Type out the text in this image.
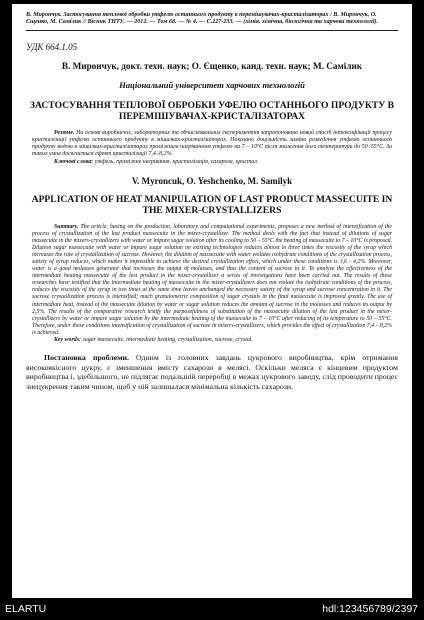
В. Мирончук. Застосування теплової обробки утфелю останнього продукту в перемішувачах-кристалізаторах / В. Мирончук, О. Єщенко, М. Самілик // Вісник ТНТУ. — 2012. — Том 68. — № 4. — С.227-233. — (хімія. хімічна, біологічна та харчова технології).
УДК 664.1.05
В. Мирончук, докт. техн. наук; О. Єщенко, канд. техн. наук; М. Самілик
Національний університет харчових технологій
ЗАСТОСУВАННЯ ТЕПЛОВОЇ ОБРОБКИ УФЕЛЮ ОСТАННЬОГО ПРОДУКТУ В ПЕРЕМІШУВАЧАХ-КРИСТАЛІЗАТОРАХ
Резюме. На основі виробничих, лабораторних та обчислювальних експериментів запропоновано новий спосіб інтенсифікації процесу кристалізації утфелю останнього продукту в мішалках-кристалізаторах. Показано доцільність заміни розведення утфелю останнього продукту водою в мішалках-кристалізаторах проміжним нагріванням утфелю на 7 – 10°С після зниження його температури до 50÷55°С. За таких умов досягається ефект кристалізації 7,4÷8,2%.
Ключові слова: утфель, проміжне нагрівання, кристалізація, сахароза, кристал.
V. Myroncuk, O. Yeshchenko, M. Samilyk
APPLICATION OF HEAT MANIPULATION OF LAST PRODUCT MASSECUITE IN THE MIXER-CRYSTALLIZERS
Summary. The article, basing on the production, laboratory and computational experiments, proposes a new method of intensification of the process of crystallization of the last product massecuite in the mixer-crystallizer. The method deals with the fact that instead of dilutions of sugar massecuite in the mixers-crystallizers with water or impure sugar solution after its cooling to 50 – 55°C the heating of massecuite to 7 – 10°C is proposed. Dilution sugar massecuite with water or impure sugar solution on existing technologies reduces almost in three times the viscosity of the syrup which increases the rate of crystallization of sucrose. However, the dilution of massecuite with water violates isohydrate conditions of the crystallization process, satiety of syrup reduces, which makes it impossible to achieve the desired crystallization effect, which under these conditions is 3,6 - 4,2%. Moreover, water is a good molasses generator that increases the output of molasses, and thus the content of sucrose in it. To analyze the effectiveness of the intermediate heating massecuite of the last product in the mixer-crystallizer a series of investigations have been carried out. The results of these researches have testified that the intermediate heating of massecuite in the mixer-crystallizers does not violate the isohydrate conditions of the process, reduces the viscosity of the syrup in two times at the same time leaves unchanged the necessary satiety of the syrup and sucrose concentration in it. The sucrose crystallization process is intensified; much granulometric composition of sugar crystals in the final massecuite is improved greatly. The use of intermediate heat, instead of the massecuite dilution by water or sugar solution reduces the amount of sucrose in the molasses and reduces its output by 2,5%. The results of the comparative research testify the purposefulness of substitution of the massecuite dilution of the last product in the mixer-crystallizers by water or impure sugar solution by the intermediate heating of the massecuite to 7 – 10°C after reducing of its temperature to 50 – 55°C. Therefore, under these conditions intensification of crystallization of sucrose in mixers-crystallizers, which provides the effect of crystallization 7,4 – 8,2% is achieved.
Key words: sugar massecuite, intermediate heating, crystallization, sucrose, crystal.
Постановка проблеми. Одним із головних завдань цукрового виробництва, крім отримання високоякісного цукру, є зменшення вмісту сахарози в мелясі. Оскільки меляса є кінцевим продуктом виробництва і, здебільшого, не підлягає подальшій переробці в межах цукрового заводу, слід проводити процес знецукрення таким чином, щоб у ній залишалася мінімальна кількість сахарози.
ELARTU	hdl:123456789/2397
